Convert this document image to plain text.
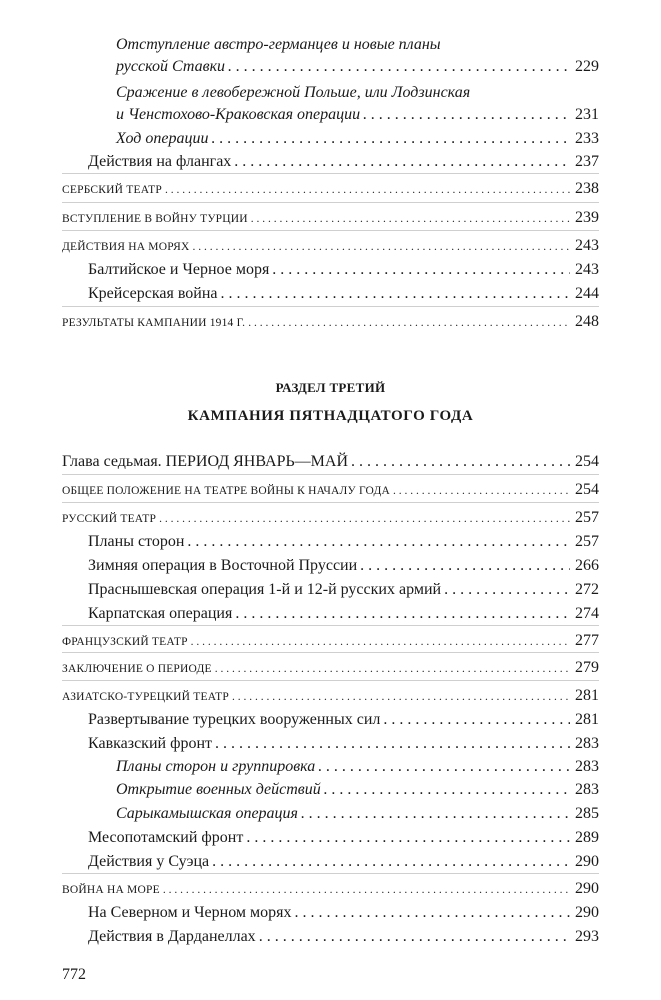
Отступление австро-германцев и новые планы
русской Ставки . . .	229
Сражение в левобережной Польше, или Лодзинская
и Ченстохово-Краковская операции . . .	231
Ход операции . . .	233
Действия на флангах . . .	237
СЕРБСКИЙ ТЕАТР . . .	238
ВСТУПЛЕНИЕ В ВОЙНУ ТУРЦИИ . . .	239
ДЕЙСТВИЯ НА МОРЯХ . . .	243
Балтийское и Черное моря . . .	243
Крейсерская война . . .	244
РЕЗУЛЬТАТЫ КАМПАНИИ 1914 Г. . . .	248
Глава седьмая. ПЕРИОД ЯНВАРЬ—МАЙ . . .	254
ОБЩЕЕ ПОЛОЖЕНИЕ НА ТЕАТРЕ ВОЙНЫ К НАЧАЛУ ГОДА . . .	254
РУССКИЙ ТЕАТР . . .	257
Планы сторон . . .	257
Зимняя операция в Восточной Пруссии . . .	266
Праснышевская операция 1-й и 12-й русских армий . . .	272
Карпатская операция . . .	274
ФРАНЦУЗСКИЙ ТЕАТР . . .	277
ЗАКЛЮЧЕНИЕ О ПЕРИОДЕ . . .	279
АЗИАТСКО-ТУРЕЦКИЙ ТЕАТР . . .	281
Развертывание турецких вооруженных сил . . .	281
Кавказский фронт . . .	283
Планы сторон и группировка . . .	283
Открытие военных действий . . .	283
Сарыкамышская операция . . .	285
Месопотамский фронт . . .	289
Действия у Суэца . . .	290
ВОЙНА НА МОРЕ . . .	290
На Северном и Черном морях . . .	290
Действия в Дарданеллах . . .	293
РАЗДЕЛ ТРЕТИЙ
КАМПАНИЯ ПЯТНАДЦАТОГО ГОДА
772
